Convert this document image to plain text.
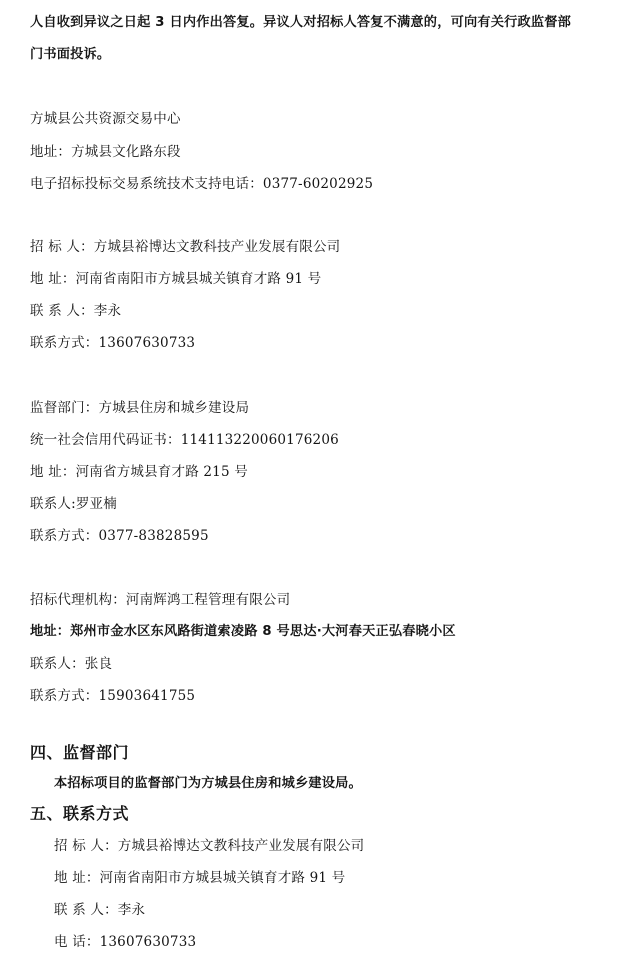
人自收到异议之日起 3 日内作出答复。异议人对招标人答复不满意的，可向有关行政监督部
门书面投诉。
方城县公共资源交易中心
地址：方城县文化路东段
电子招标投标交易系统技术支持电话：0377-60202925
招 标 人：方城县裕博达文教科技产业发展有限公司
地 址：河南省南阳市方城县城关镇育才路 91 号
联 系 人：李永
联系方式：13607630733
监督部门：方城县住房和城乡建设局
统一社会信用代码证书：114113220060176206
地 址：河南省方城县育才路 215 号
联系人:罗亚楠
联系方式：0377-83828595
招标代理机构：河南辉鸿工程管理有限公司
地址：郑州市金水区东风路街道索凌路 8 号思达·大河春天正弘春晓小区
联系人：张良
联系方式：15903641755
四、监督部门
本招标项目的监督部门为方城县住房和城乡建设局。
五、联系方式
招 标 人：方城县裕博达文教科技产业发展有限公司
地 址：河南省南阳市方城县城关镇育才路 91 号
联 系 人：李永
电 话：13607630733
